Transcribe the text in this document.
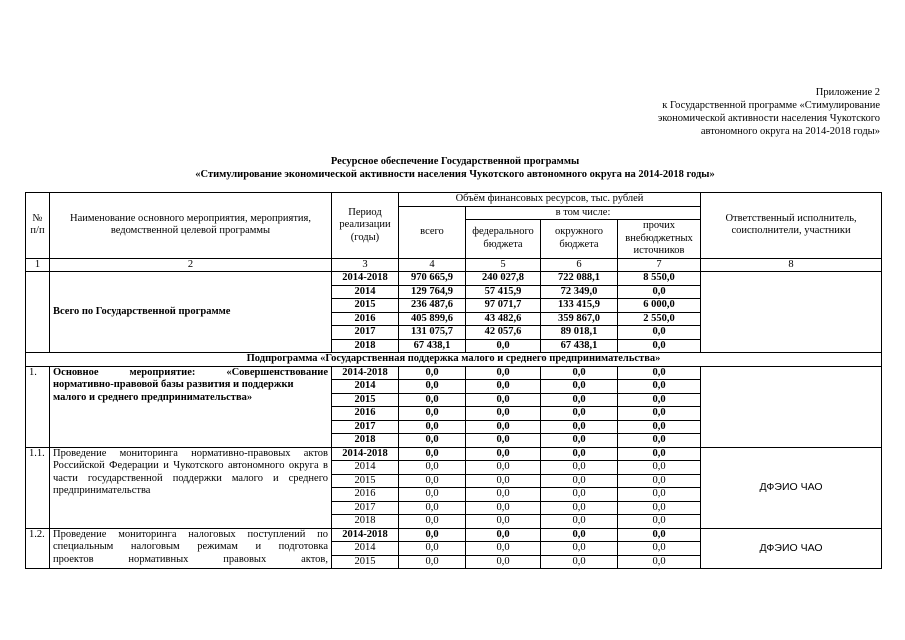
Приложение 2
к Государственной программе «Стимулирование
экономической активности населения Чукотского
автономного округа на 2014-2018 годы»
Ресурсное обеспечение Государственной программы
«Стимулирование экономической активности населения Чукотского автономного округа на 2014-2018 годы»
№ п/п	Наименование основного мероприятия, мероприятия, ведомственной целевой программы	Период реализации (годы)	Объём финансовых ресурсов, тыс. рублей				Ответственный исполнитель, соисполнители, участники
			всего	в том числе:			
				федерального бюджета	окружного бюджета	прочих внебюджетных источников	
1	2	3	4	5	6	7	8
	Всего по Государственной программе	2014-2018	970 665,9	240 027,8	722 088,1	8 550,0	
		2014	129 764,9	57 415,9	72 349,0	0,0	
		2015	236 487,6	97 071,7	133 415,9	6 000,0	
		2016	405 899,6	43 482,6	359 867,0	2 550,0	
		2017	131 075,7	42 057,6	89 018,1	0,0	
		2018	67 438,1	0,0	67 438,1	0,0	
Подпрограмма «Государственная поддержка малого и среднего предпринимательства»							
1.	Основное мероприятие: «Совершенствование
нормативно-правовой базы развития и поддержки малого и среднего предпринимательства»	2014-2018	0,0	0,0	0,0	0,0	
		2014	0,0	0,0	0,0	0,0	
		2015	0,0	0,0	0,0	0,0	
		2016	0,0	0,0	0,0	0,0	
		2017	0,0	0,0	0,0	0,0	
		2018	0,0	0,0	0,0	0,0	
1.1.	Проведение мониторинга нормативно-правовых актов Российской Федерации и Чукотского автономного округа в части государственной поддержки малого и среднего предпринимательства	2014-2018	0,0	0,0	0,0	0,0	ДФЭИО ЧАО
		2014	0,0	0,0	0,0	0,0	
		2015	0,0	0,0	0,0	0,0	
		2016	0,0	0,0	0,0	0,0	
		2017	0,0	0,0	0,0	0,0	
		2018	0,0	0,0	0,0	0,0	
1.2.	Проведение мониторинга налоговых поступлений по
специальным налоговым режимам и подготовка
проектов нормативных правовых актов,	2014-2018	0,0	0,0	0,0	0,0	ДФЭИО ЧАО
		2014	0,0	0,0	0,0	0,0	
		2015	0,0	0,0	0,0	0,0	
